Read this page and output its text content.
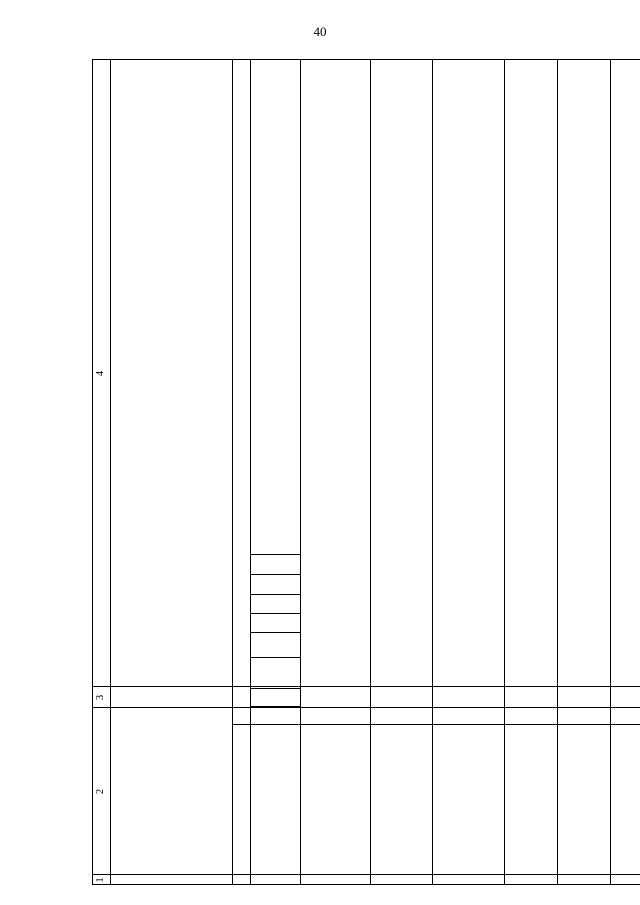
40
1
2
3
4
